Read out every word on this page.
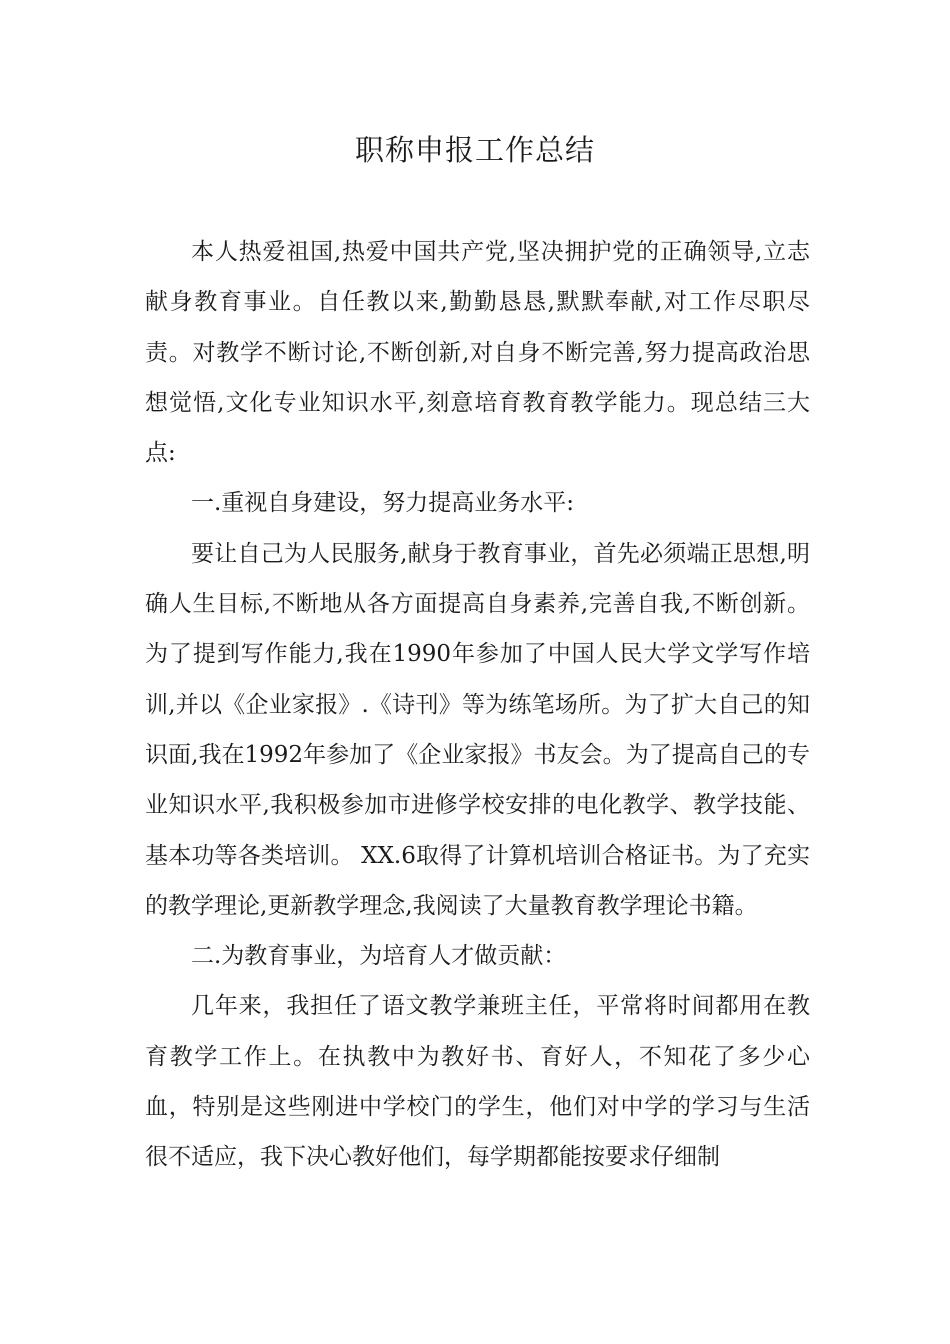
职称申报工作总结

本人热爱祖国,热爱中国共产党,坚决拥护党的正确领导,立志献身教育事业。自任教以来,勤勤恳恳,默默奉献,对工作尽职尽责。对教学不断讨论,不断创新,对自身不断完善,努力提高政治思想觉悟,文化专业知识水平,刻意培育教育教学能力。现总结三大点:

一.重视自身建设，努力提高业务水平:

要让自己为人民服务,献身于教育事业，首先必须端正思想,明确人生目标,不断地从各方面提高自身素养,完善自我,不断创新。为了提到写作能力,我在1990年参加了中国人民大学文学写作培训,并以《企业家报》.《诗刊》等为练笔场所。为了扩大自己的知识面,我在1992年参加了《企业家报》书友会。为了提高自己的专业知识水平,我积极参加市进修学校安排的电化教学、教学技能、基本功等各类培训。 XX.6取得了计算机培训合格证书。为了充实的教学理论,更新教学理念,我阅读了大量教育教学理论书籍。

二.为教育事业，为培育人才做贡献：

几年来，我担任了语文教学兼班主任，平常将时间都用在教育教学工作上。在执教中为教好书、育好人，不知花了多少心血，特别是这些刚进中学校门的学生，他们对中学的学习与生活很不适应，我下决心教好他们，每学期都能按要求仔细制
